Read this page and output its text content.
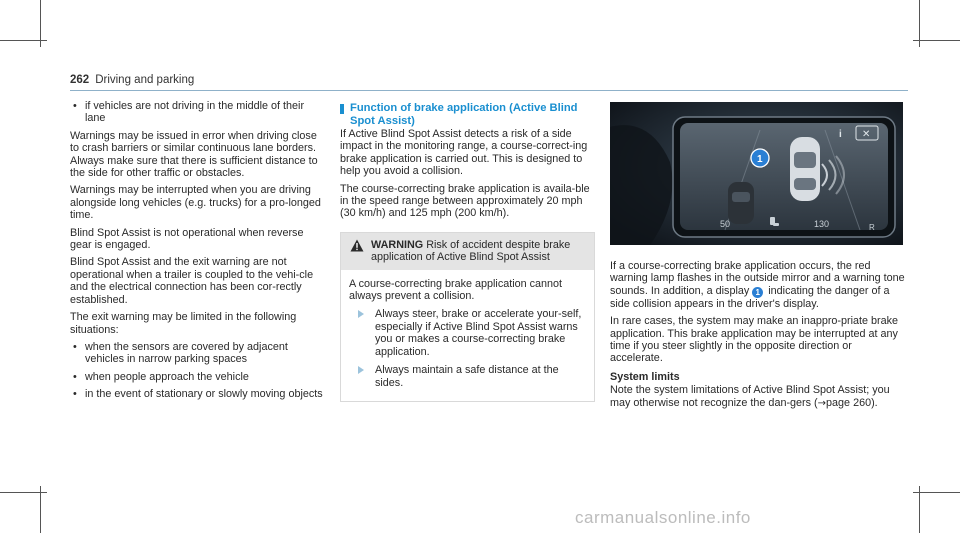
262 Driving and parking
• if vehicles are not driving in the middle of their lane

Warnings may be issued in error when driving close to crash barriers or similar continuous lane borders. Always make sure that there is sufficient distance to the side for other traffic or obstacles.

Warnings may be interrupted when you are driving alongside long vehicles (e.g. trucks) for a pro-longed time.

Blind Spot Assist is not operational when reverse gear is engaged.

Blind Spot Assist and the exit warning are not operational when a trailer is coupled to the vehi-cle and the electrical connection has been cor-rectly established.

The exit warning may be limited in the following situations:

• when the sensors are covered by adjacent vehicles in narrow parking spaces
• when people approach the vehicle
• in the event of stationary or slowly moving objects
Function of brake application (Active Blind Spot Assist)

If Active Blind Spot Assist detects a risk of a side impact in the monitoring range, a course-correct-ing brake application is carried out. This is designed to help you avoid a collision.

The course-correcting brake application is availa-ble in the speed range between approximately 20 mph (30 km/h) and 125 mph (200 km/h).

WARNING Risk of accident despite brake application of Active Blind Spot Assist

A course-correcting brake application cannot always prevent a collision.

Always steer, brake or accelerate your-self, especially if Active Blind Spot Assist warns you or makes a course-correcting brake application.
Always maintain a safe distance at the sides.
50	130	R
i ✕
1

If a course-correcting brake application occurs, the red warning lamp flashes in the outside mirror and a warning tone sounds. In addition, a display 1 indicating the danger of a side collision appears in the driver's display.

In rare cases, the system may make an inappro-priate brake application. This brake application may be interrupted at any time if you steer slightly in the opposite direction or accelerate.

System limits

Note the system limitations of Active Blind Spot Assist; you may otherwise not recognize the dan-gers (→page 260).

carmanualsonline.info
